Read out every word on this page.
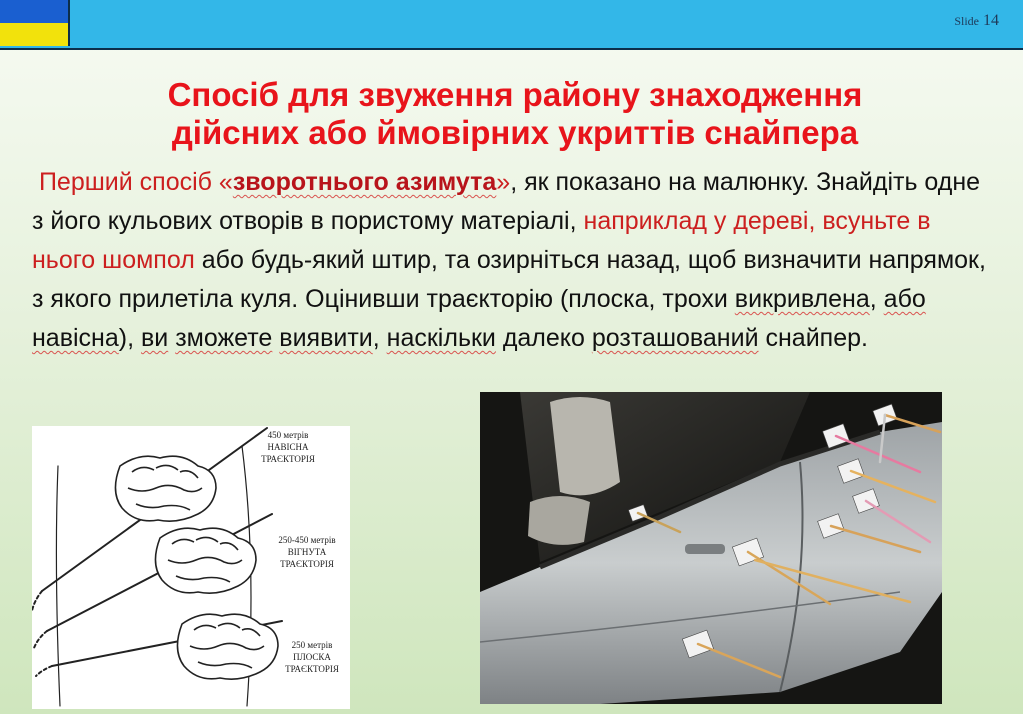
Slide 14
Спосіб для звуження району знаходження
дійсних або ймовірних укриттів снайпера
Перший спосіб «зворотнього азимута», як показано на малюнку. Знайдіть одне з його кульових отворів в пористому матеріалі, наприклад у дереві, всуньте в нього шомпол або будь-який штир, та озирніться назад, щоб визначити напрямок, з якого прилетіла куля. Оцінивши траєкторію (плоска, трохи викривлена, або навісна), ви зможете виявити, наскільки далеко розташований снайпер.
450 метрів
НАВІСНА
ТРАЄКТОРІЯ
250-450 метрів
ВІГНУТА
ТРАЄКТОРІЯ
250 метрів
ПЛОСКА
ТРАЄКТОРІЯ
